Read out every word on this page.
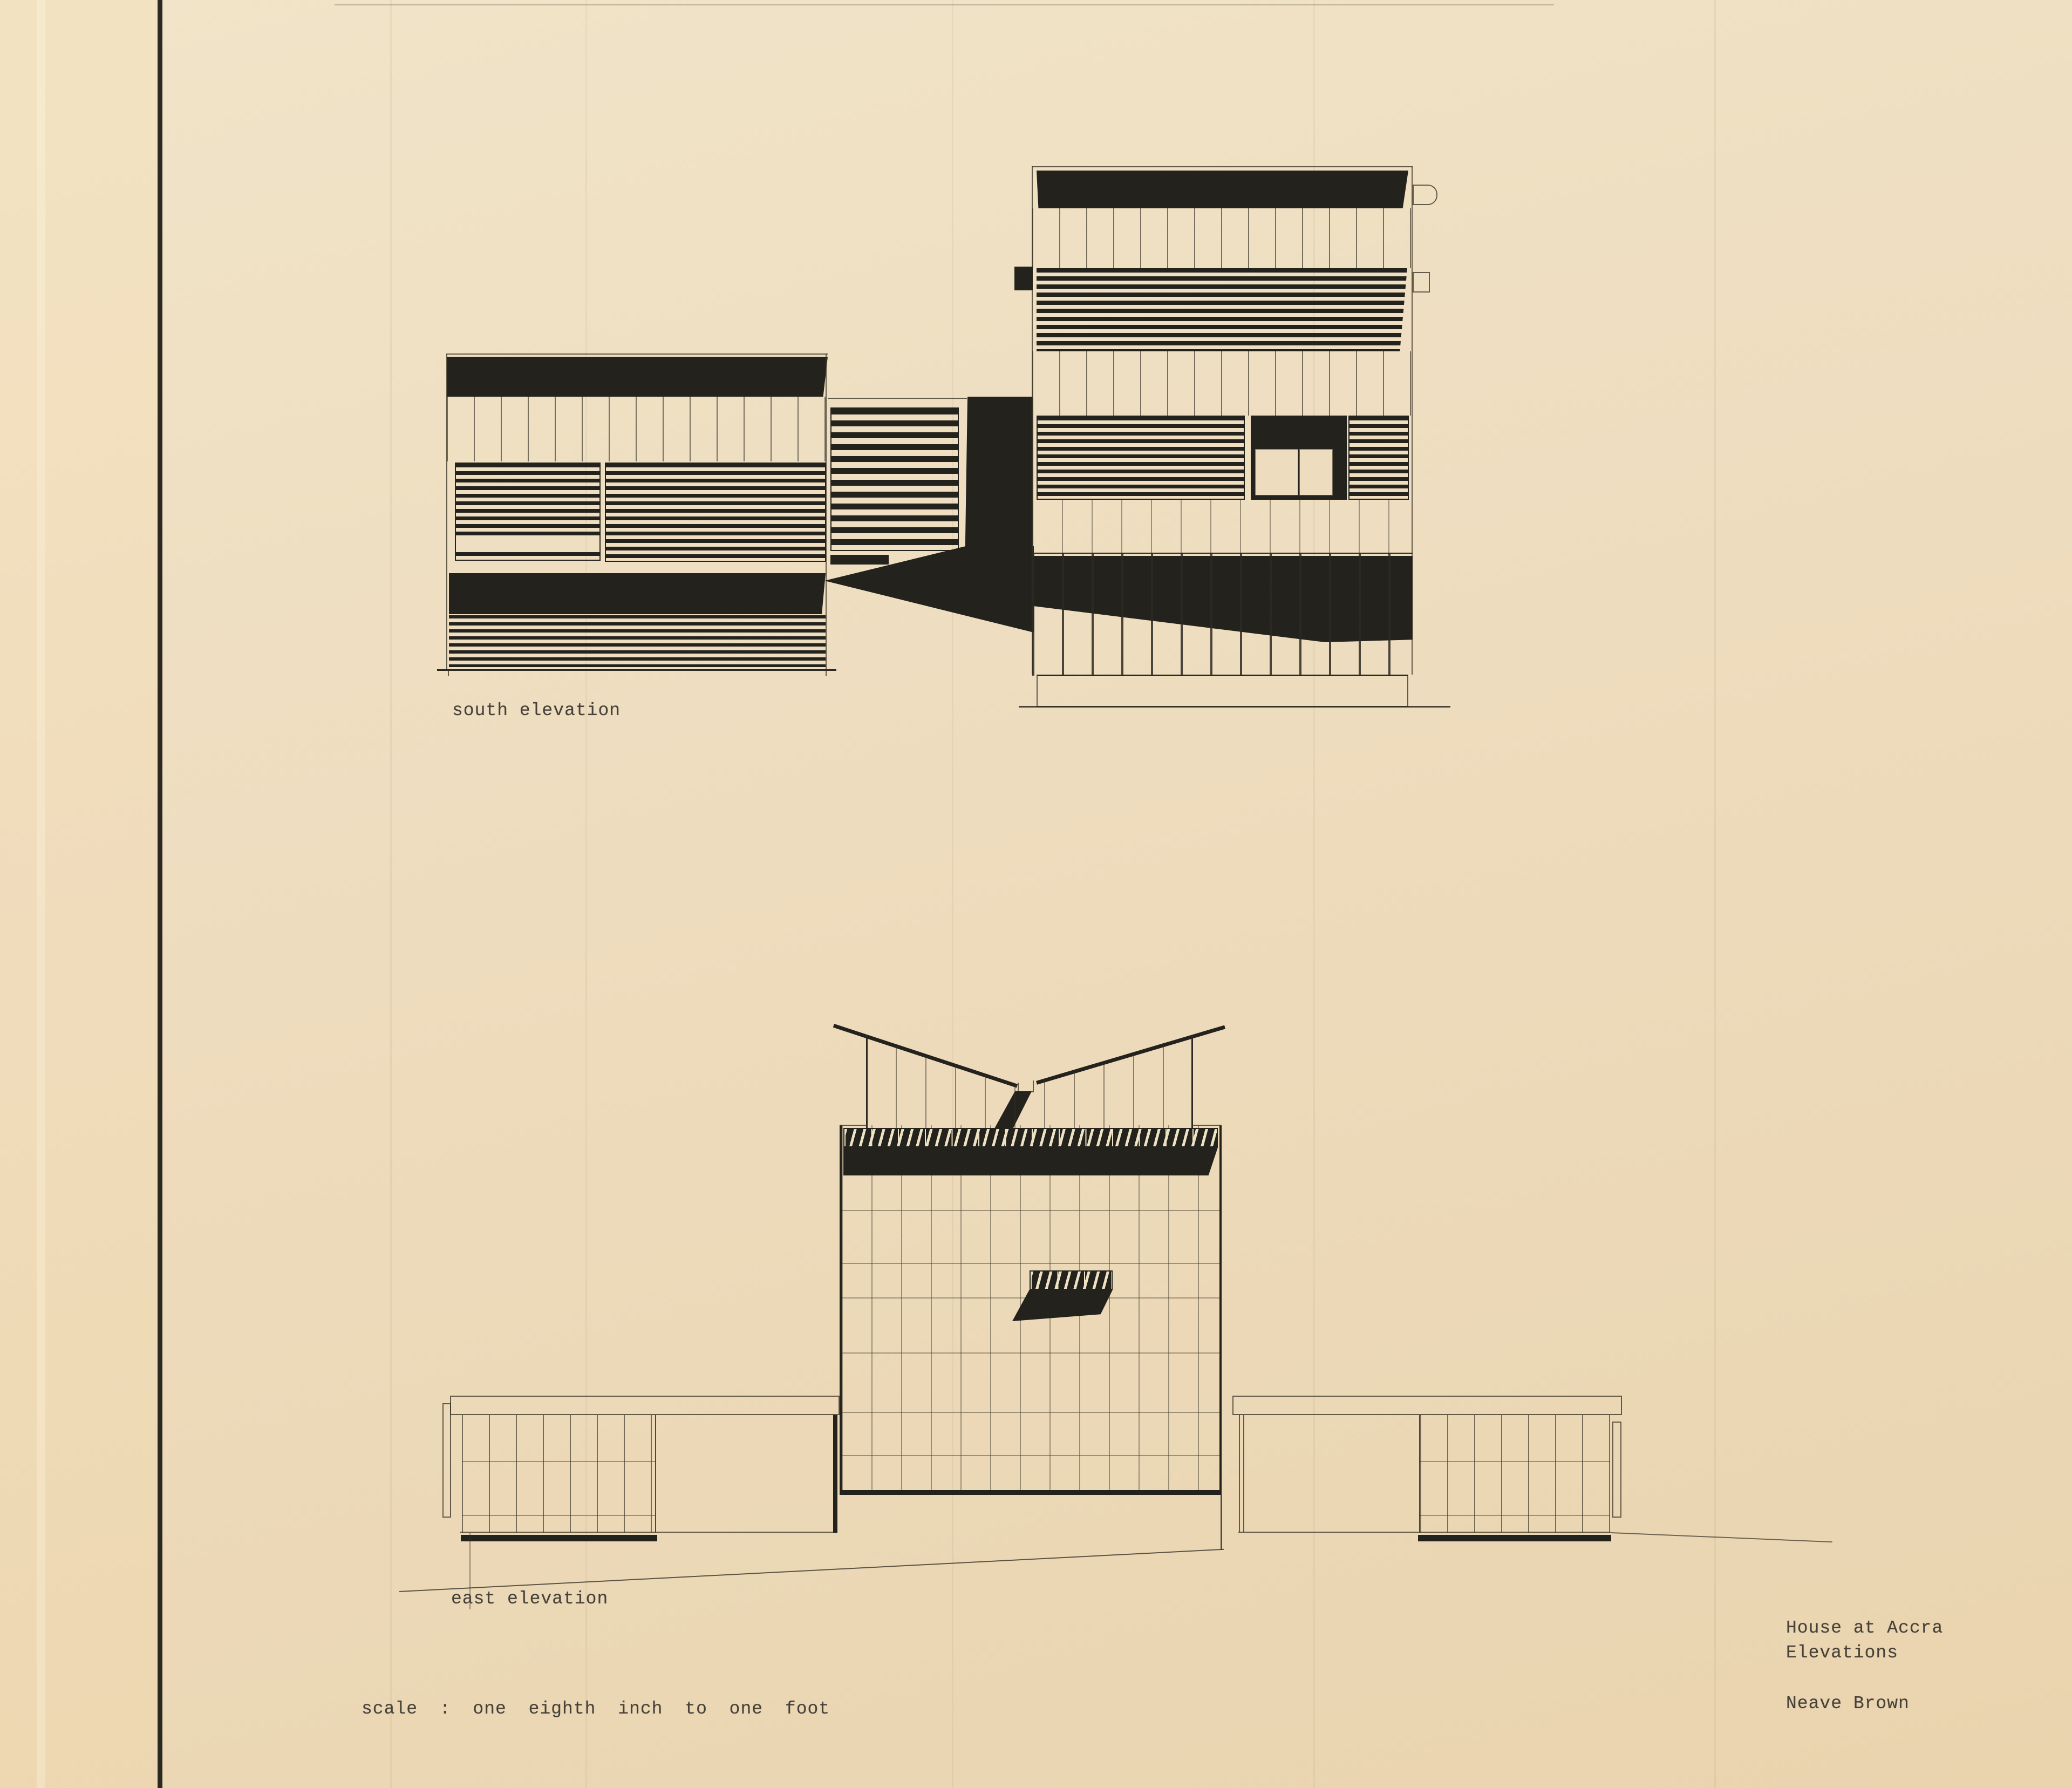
south elevation
east elevation
scale : one eighth inch to one foot
House at Accra
Elevations
Neave Brown
